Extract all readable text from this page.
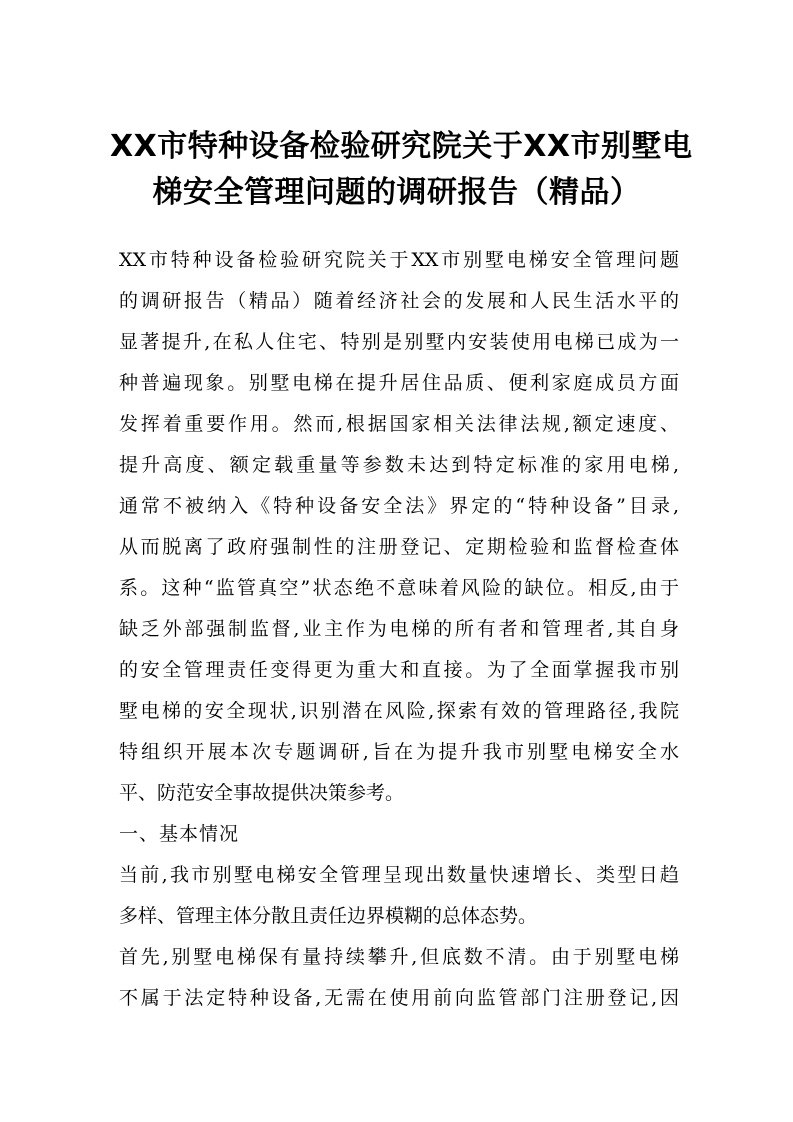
XX市特种设备检验研究院关于XX市别墅电
梯安全管理问题的调研报告（精品）
XX市特种设备检验研究院关于XX市别墅电梯安全管理问题
的调研报告（精品）随着经济社会的发展和人民生活水平的
显著提升,在私人住宅、特别是别墅内安装使用电梯已成为一
种普遍现象。别墅电梯在提升居住品质、便利家庭成员方面
发挥着重要作用。然而,根据国家相关法律法规,额定速度、
提升高度、额定载重量等参数未达到特定标准的家用电梯,
通常不被纳入《特种设备安全法》界定的“特种设备”目录,
从而脱离了政府强制性的注册登记、定期检验和监督检查体
系。这种“监管真空”状态绝不意味着风险的缺位。相反,由于
缺乏外部强制监督,业主作为电梯的所有者和管理者,其自身
的安全管理责任变得更为重大和直接。为了全面掌握我市别
墅电梯的安全现状,识别潜在风险,探索有效的管理路径,我院
特组织开展本次专题调研,旨在为提升我市别墅电梯安全水
平、防范安全事故提供决策参考。
一、基本情况
当前,我市别墅电梯安全管理呈现出数量快速增长、类型日趋
多样、管理主体分散且责任边界模糊的总体态势。
首先,别墅电梯保有量持续攀升,但底数不清。由于别墅电梯
不属于法定特种设备,无需在使用前向监管部门注册登记,因
